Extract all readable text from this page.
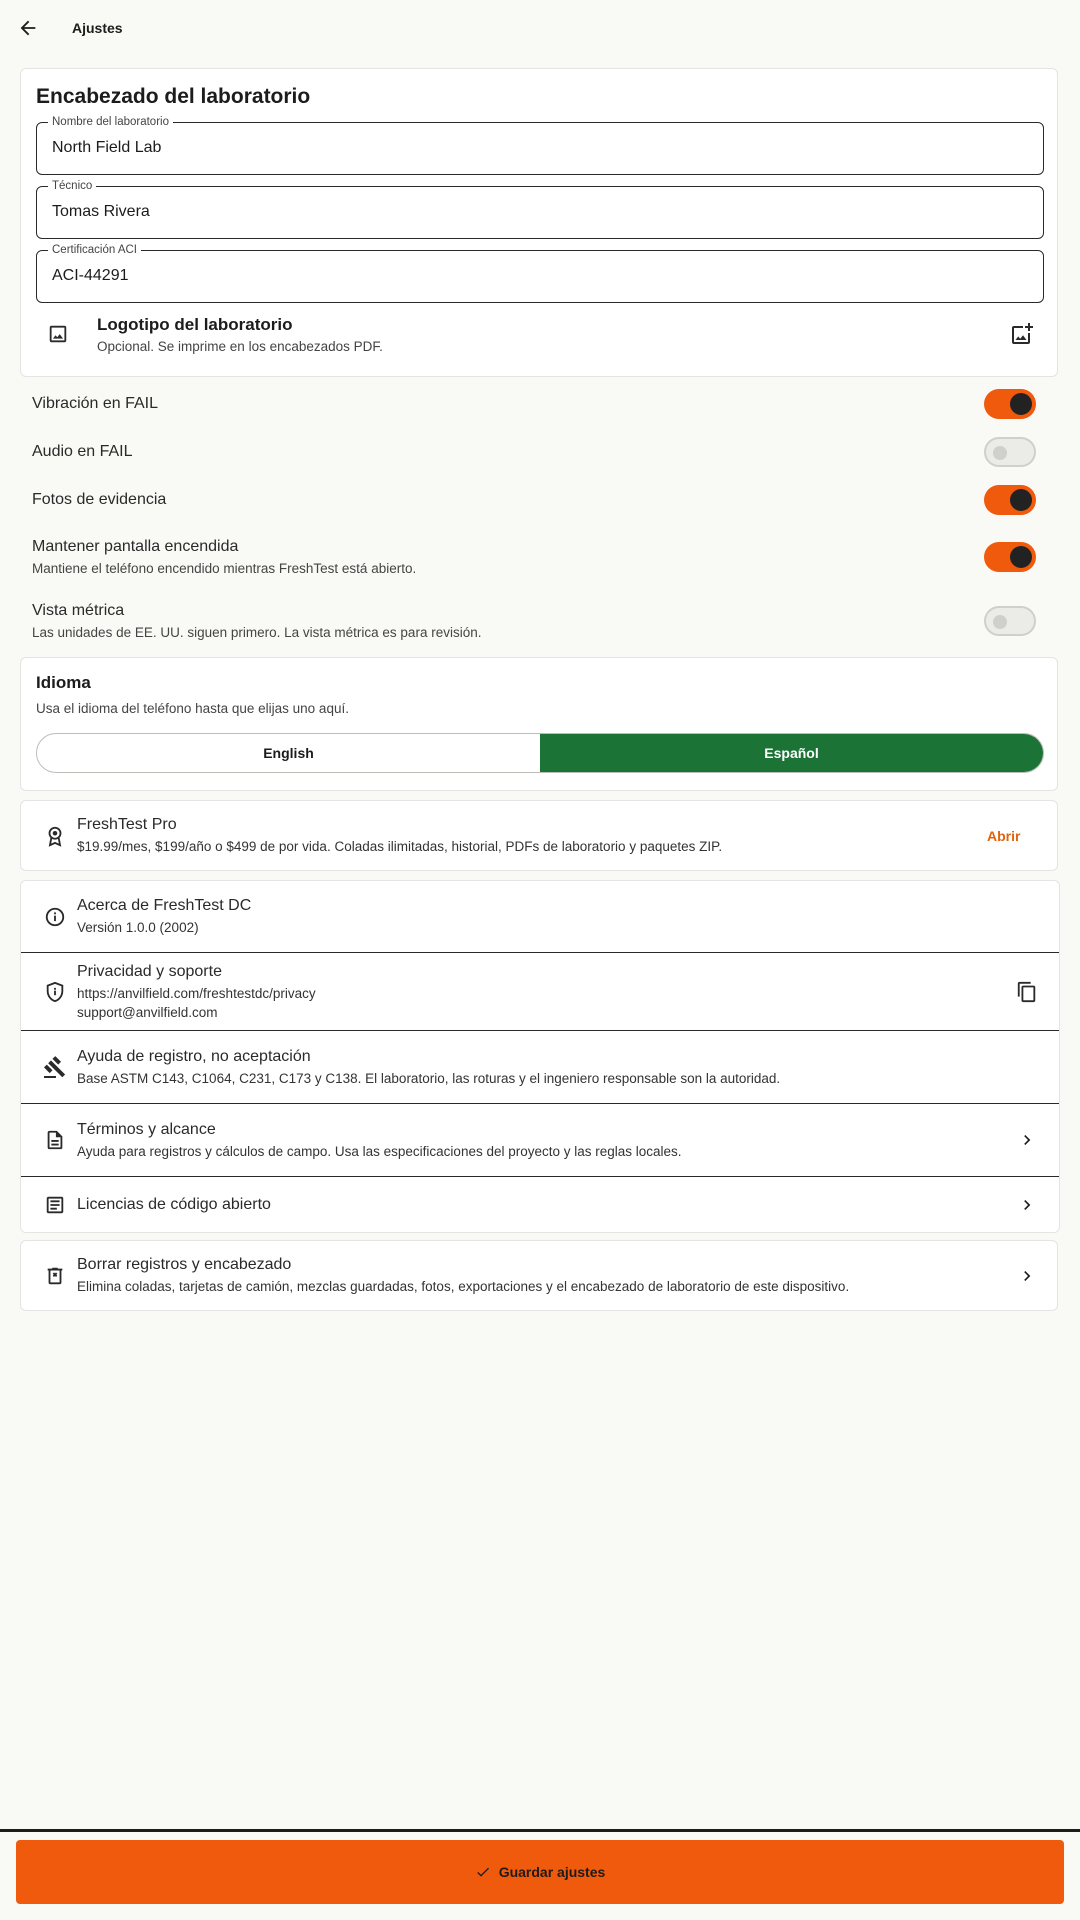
Ajustes
Encabezado del laboratorio
Nombre del laboratorio
North Field Lab
Técnico
Tomas Rivera
Certificación ACI
ACI-44291
Logotipo del laboratorio
Opcional. Se imprime en los encabezados PDF.
Vibración en FAIL
Audio en FAIL
Fotos de evidencia
Mantener pantalla encendida
Mantiene el teléfono encendido mientras FreshTest está abierto.
Vista métrica
Las unidades de EE. UU. siguen primero. La vista métrica es para revisión.
Idioma
Usa el idioma del teléfono hasta que elijas uno aquí.
English	Español
FreshTest Pro
$19.99/mes, $199/año o $499 de por vida. Coladas ilimitadas, historial, PDFs de laboratorio y paquetes ZIP.
Abrir
Acerca de FreshTest DC
Versión 1.0.0 (2002)
Privacidad y soporte
https://anvilfield.com/freshtestdc/privacy
support@anvilfield.com
Ayuda de registro, no aceptación
Base ASTM C143, C1064, C231, C173 y C138. El laboratorio, las roturas y el ingeniero responsable son la autoridad.
Términos y alcance
Ayuda para registros y cálculos de campo. Usa las especificaciones del proyecto y las reglas locales.
Licencias de código abierto
Borrar registros y encabezado
Elimina coladas, tarjetas de camión, mezclas guardadas, fotos, exportaciones y el encabezado de laboratorio de este dispositivo.
Guardar ajustes
